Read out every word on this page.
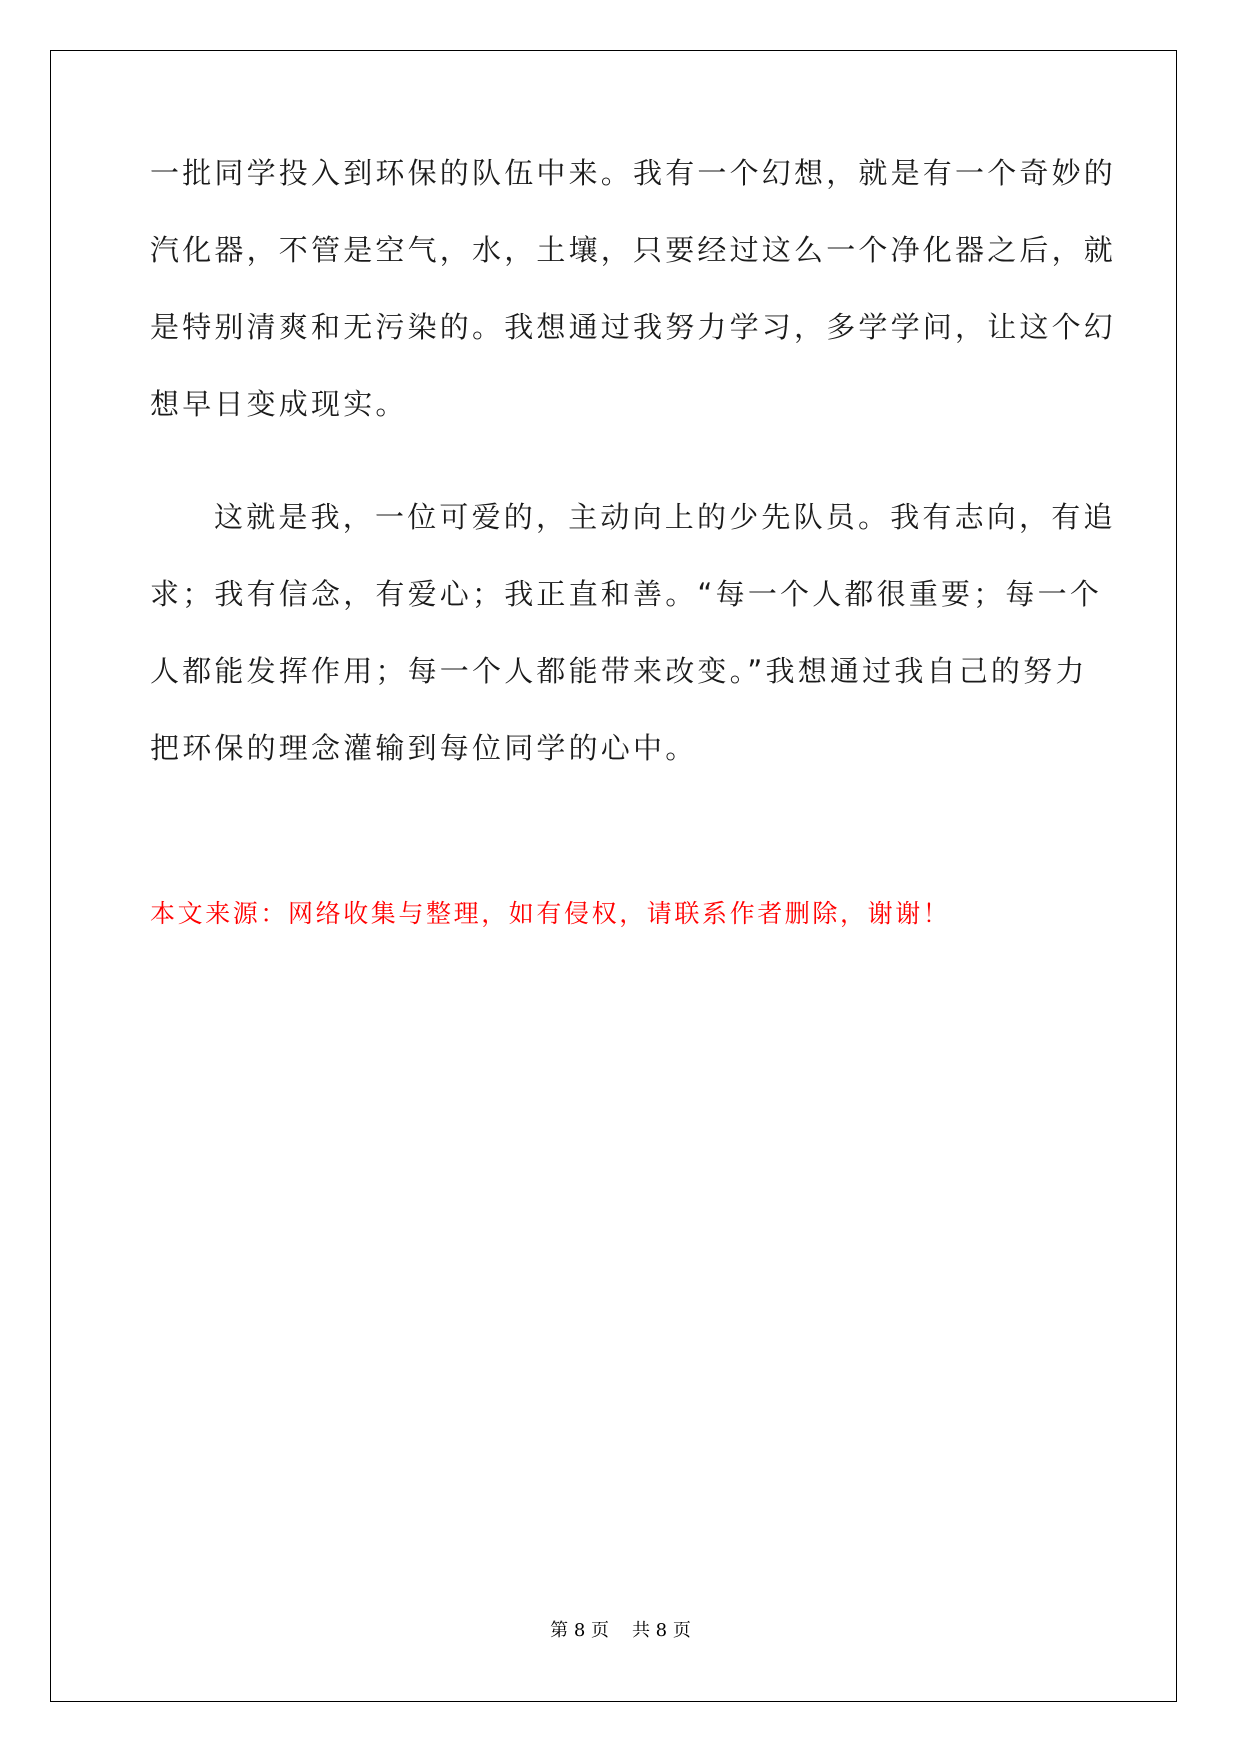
一批同学投入到环保的队伍中来。我有一个幻想，就是有一个奇妙的
汽化器，不管是空气，水，土壤，只要经过这么一个净化器之后，就
是特别清爽和无污染的。我想通过我努力学习，多学学问，让这个幻
想早日变成现实。
这就是我，一位可爱的，主动向上的少先队员。我有志向，有追
求；我有信念，有爱心；我正直和善。“每一个人都很重要；每一个
人都能发挥作用；每一个人都能带来改变。”我想通过我自己的努力
把环保的理念灌输到每位同学的心中。
本文来源：网络收集与整理，如有侵权，请联系作者删除，谢谢！
第 8 页    共 8 页
